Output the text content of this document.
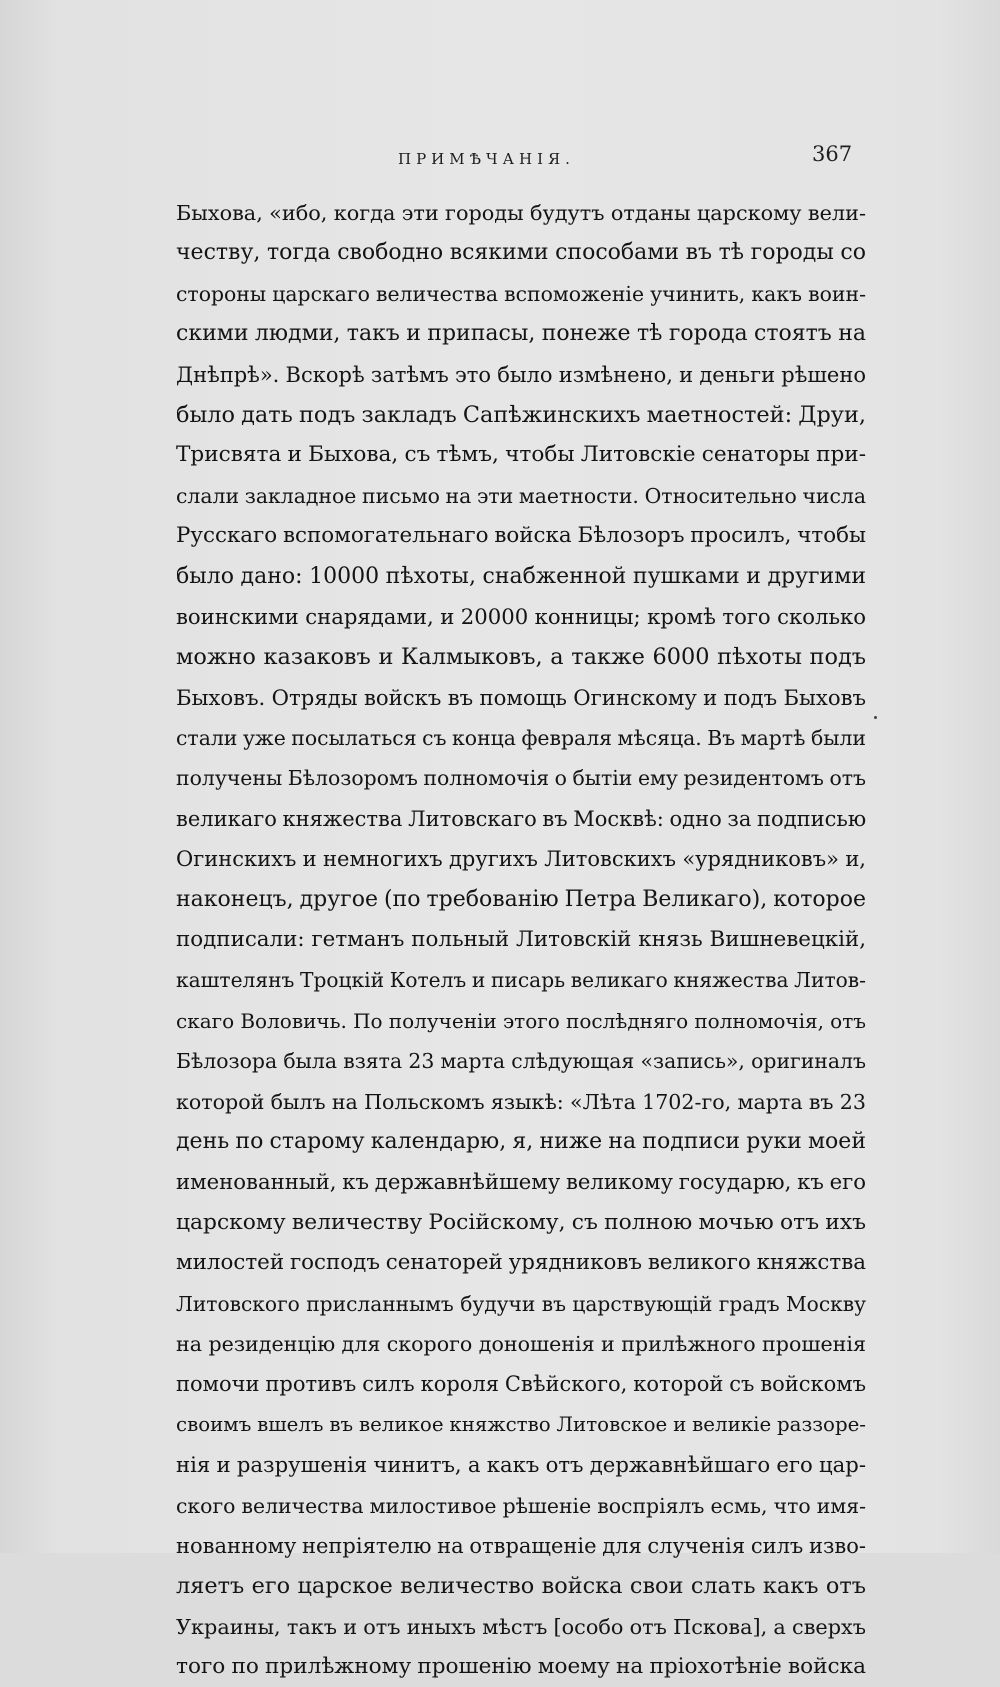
ПРИМѢЧАНІЯ.	367
Быхова, «ибо, когда эти городы будутъ отданы царскому вели-
честву, тогда свободно всякими способами въ тѣ городы со
стороны царскаго величества вспоможеніе учинить, какъ воин-
скими людми, такъ и припасы, понеже тѣ города стоятъ на
Днѣпрѣ». Вскорѣ затѣмъ это было измѣнено, и деньги рѣшено
было дать подъ закладъ Сапѣжинскихъ маетностей: Друи,
Трисвята и Быхова, съ тѣмъ, чтобы Литовскіе сенаторы при-
слали закладное письмо на эти маетности. Относительно числа
Русскаго вспомогательнаго войска Бѣлозоръ просилъ, чтобы
было дано: 10000 пѣхоты, снабженной пушками и другими
воинскими снарядами, и 20000 конницы; кромѣ того сколько
можно казаковъ и Калмыковъ, а также 6000 пѣхоты подъ
Быховъ. Отряды войскъ въ помощь Огинскому и подъ Быховъ
стали уже посылаться съ конца февраля мѣсяца. Въ мартѣ были
получены Бѣлозоромъ полномочія о бытіи ему резидентомъ отъ
великаго княжества Литовскаго въ Москвѣ: одно за подписью
Огинскихъ и немногихъ другихъ Литовскихъ «урядниковъ» и,
наконецъ, другое (по требованію Петра Великаго), которое
подписали: гетманъ польный Литовскій князь Вишневецкій,
каштелянъ Троцкій Котелъ и писарь великаго княжества Литов-
скаго Воловичь. По полученіи этого послѣдняго полномочія, отъ
Бѣлозора была взята 23 марта слѣдующая «запись», оригиналъ
которой былъ на Польскомъ языкѣ: «Лѣта 1702-го, марта въ 23
день по старому календарю, я, ниже на подписи руки моей
именованный, къ державнѣйшему великому государю, къ его
царскому величеству Російскому, съ полною мочью отъ ихъ
милостей господъ сенаторей урядниковъ великого княжства
Литовского присланнымъ будучи въ царствующій градъ Москву
на резиденцію для скорого доношенія и прилѣжного прошенія
помочи противъ силъ короля Свѣйского, которой съ войскомъ
своимъ вшелъ въ великое княжство Литовское и великіе раззоре-
нія и разрушенія чинитъ, а какъ отъ державнѣйшаго его цар-
ского величества милостивое рѣшеніе воспріялъ есмь, что имя-
нованному непріятелю на отвращеніе для слученія силъ изво-
ляетъ его царское величество войска свои слать какъ отъ
Украины, такъ и отъ иныхъ мѣстъ [особо отъ Пскова], а сверхъ
того по прилѣжному прошенію моему на пріохотѣніе войска
